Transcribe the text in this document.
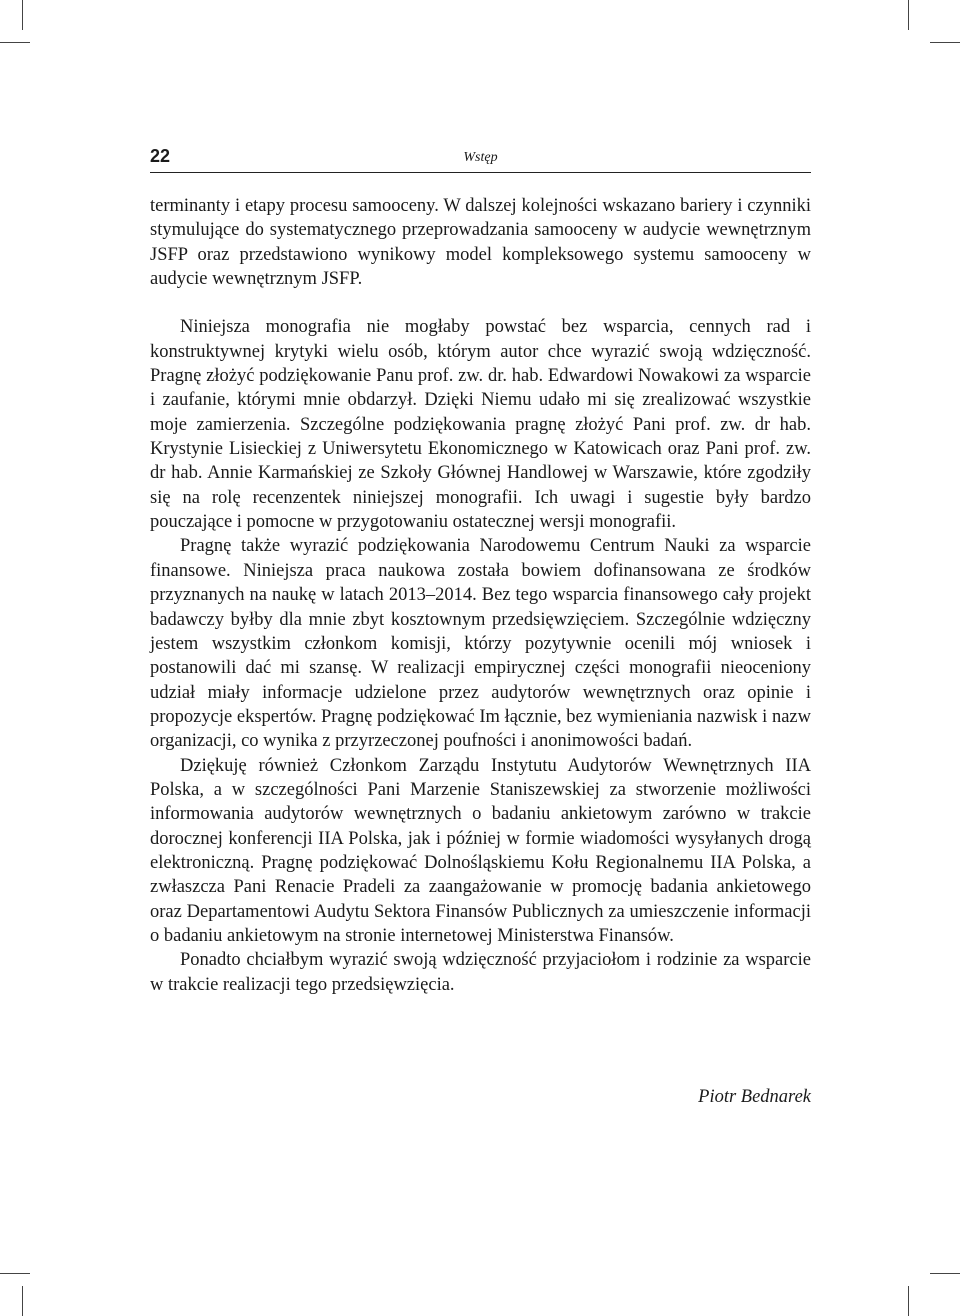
22	Wstęp

terminanty i etapy procesu samooceny. W dalszej kolejności wskazano bariery i czynniki stymulujące do systematycznego przeprowadzania samooceny w audycie wewnętrznym JSFP oraz przedstawiono wynikowy model kompleksowego systemu samooceny w audycie wewnętrznym JSFP.

Niniejsza monografia nie mogłaby powstać bez wsparcia, cennych rad i konstruktywnej krytyki wielu osób, którym autor chce wyrazić swoją wdzięczność. Pragnę złożyć podziękowanie Panu prof. zw. dr. hab. Edwardowi Nowakowi za wsparcie i zaufanie, którymi mnie obdarzył. Dzięki Niemu udało mi się zrealizować wszystkie moje zamierzenia. Szczególne podziękowania pragnę złożyć Pani prof. zw. dr hab. Krystynie Lisieckiej z Uniwersytetu Ekonomicznego w Katowicach oraz Pani prof. zw. dr hab. Annie Karmańskiej ze Szkoły Głównej Handlowej w Warszawie, które zgodziły się na rolę recenzentek niniejszej monografii. Ich uwagi i sugestie były bardzo pouczające i pomocne w przygotowaniu ostatecznej wersji monografii.

Pragnę także wyrazić podziękowania Narodowemu Centrum Nauki za wsparcie finansowe. Niniejsza praca naukowa została bowiem dofinansowana ze środków przyznanych na naukę w latach 2013–2014. Bez tego wsparcia finansowego cały projekt badawczy byłby dla mnie zbyt kosztownym przedsięwzięciem. Szczególnie wdzięczny jestem wszystkim członkom komisji, którzy pozytywnie ocenili mój wniosek i postanowili dać mi szansę. W realizacji empirycznej części monografii nieoceniony udział miały informacje udzielone przez audytorów wewnętrznych oraz opinie i propozycje ekspertów. Pragnę podziękować Im łącznie, bez wymieniania nazwisk i nazw organizacji, co wynika z przyrzeczonej poufności i anonimowości badań.

Dziękuję również Członkom Zarządu Instytutu Audytorów Wewnętrznych IIA Polska, a w szczególności Pani Marzenie Staniszewskiej za stworzenie możliwości informowania audytorów wewnętrznych o badaniu ankietowym zarówno w trakcie dorocznej konferencji IIA Polska, jak i później w formie wiadomości wysyłanych drogą elektroniczną. Pragnę podziękować Dolnośląskiemu Kołu Regionalnemu IIA Polska, a zwłaszcza Pani Renacie Pradeli za zaangażowanie w promocję badania ankietowego oraz Departamentowi Audytu Sektora Finansów Publicznych za umieszczenie informacji o badaniu ankietowym na stronie internetowej Ministerstwa Finansów.

Ponadto chciałbym wyrazić swoją wdzięczność przyjaciołom i rodzinie za wsparcie w trakcie realizacji tego przedsięwzięcia.

Piotr Bednarek
